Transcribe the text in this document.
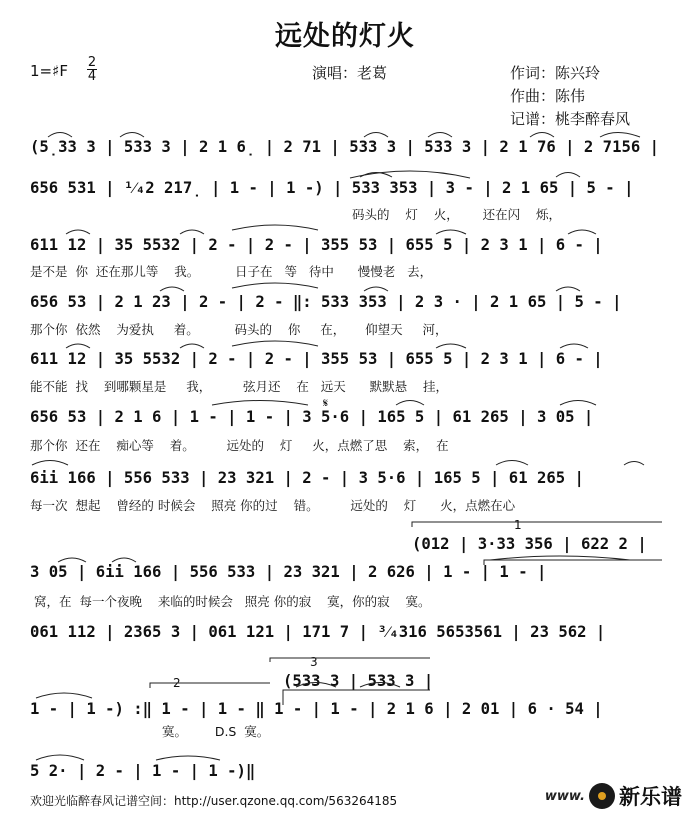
远处的灯火
1=♯F 2
4	演唱：老葛	作词：陈兴玲
作曲：陈伟
记谱：桃李醉春风
(5̣33 3 | 533 3 | 2 1 6̣ | 2 71 | 533 3 | 533 3 | 2 1 76 | 2 7156 |
656 531 | ¹⁄₄2 217̣ | 1 - | 1 -) | 533 353 | 3 - | 2 1 65 | 5 - |
码头的    灯    火，      还在闪    烁，
611 12 | 35 5532 | 2 - | 2 - | 355 53 | 655 5 | 2 3 1 | 6 - |
是不是  你  还在那儿等    我。         日子在   等   待中      慢慢老   去，
656 53 | 2 1 23 | 2 - | 2 - ‖: 533 353 | 2 3 · | 2 1 65 | 5 - |
那个你  依然    为爱执     着。         码头的    你     在，     仰望天     河，
611 12 | 35 5532 | 2 - | 2 - | 355 53 | 655 5 | 2 3 1 | 6 - |
能不能  找    到哪颗星是     我，        弦月还    在   远天      默默悬    挂，
𝄋
656 53 | 2 1 6 | 1 - | 1 - | 3 5·6 | 165 5 | 61 265 | 3 05 |
那个你  还在    痴心等    着。        远处的    灯     火，点燃了思    索，  在
6i̇i 166 | 556 533 | 23 321 | 2 - | 3 5·6 | 165 5 | 61 265 |
每一次  想起    曾经的 时候会    照亮 你的过    错。        远处的    灯      火，点燃在心
1
(012 | 3·33 356 | 622 2 |
3 05 | 6i̇i 166 | 556 533 | 23 321 | 2 626 | 1 - | 1 - |
窝，在  每一个夜晚    来临的时候会   照亮 你的寂    寞，你的寂    寞。
061 112 | 2365 3 | 061 121 | 171 7 | ³⁄₄316 5653561 | 23 562 |
3
2	(533 3 | 533 3 |
1 - | 1 -) :‖ 1 - | 1 - ‖ 1 - | 1 - | 2 1 6 | 2 01 | 6 · 54 |
寞。       D.S  寞。
5 2· | 2 - | 1 - | 1 -)‖
欢迎光临醉春风记谱空间：http://user.qzone.qq.com/563264185	www. 新乐谱
